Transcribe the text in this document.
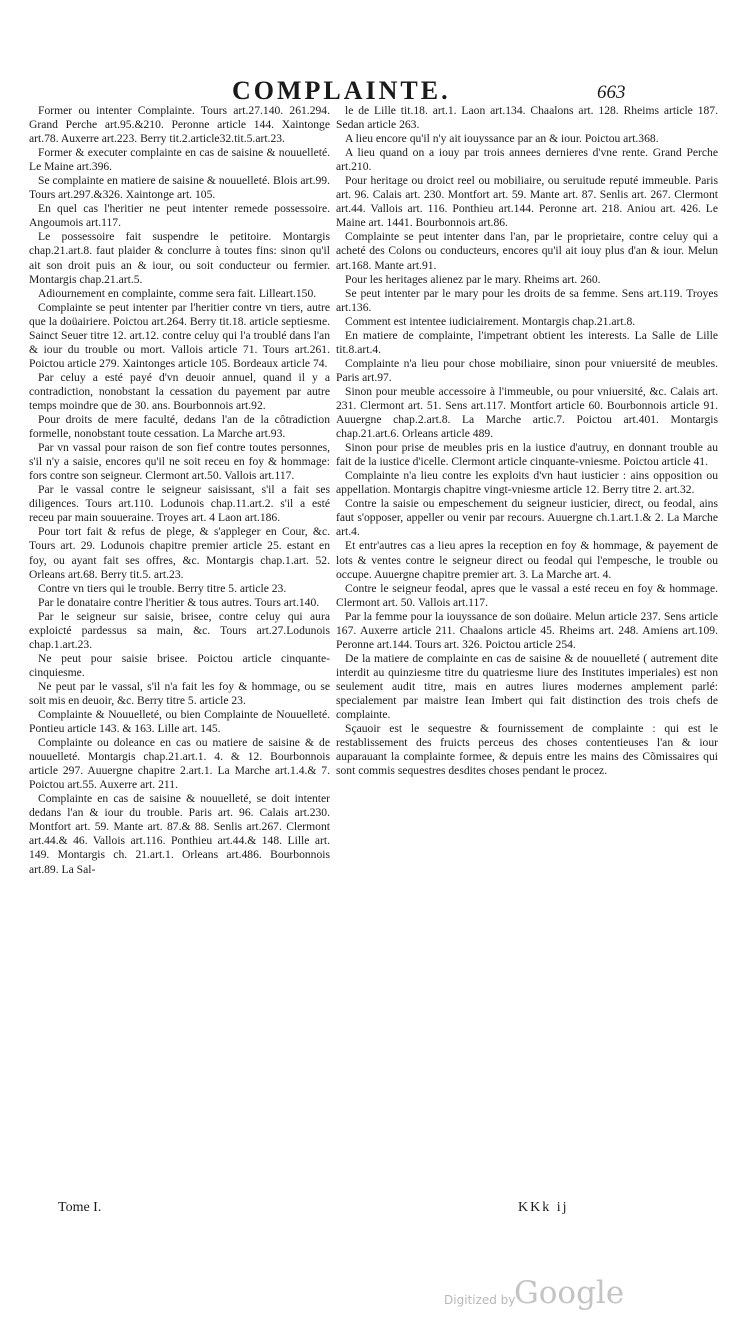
COMPLAINTE.	663

Former ou intenter Complainte. Tours art.27.140. 261.294. Grand Perche art.95.&210. Peronne article 144. Xaintonge art.78. Auxerre art.223. Berry tit.2.article32.tit.5.art.23.

Former & executer complainte en cas de saisine & nouuelleté. Le Maine art.396.

Se complainte en matiere de saisine & nouuelleté. Blois art.99. Tours art.297.&326. Xaintonge art. 105.

En quel cas l'heritier ne peut intenter remede possessoire. Angoumois art.117.

Le possessoire fait suspendre le petitoire. Montargis chap.21.art.8. faut plaider & conclurre à toutes fins: sinon qu'il ait son droit puis an & iour, ou soit conducteur ou fermier. Montargis chap.21.art.5.

Adiournement en complainte, comme sera fait. Lilleart.150.

Complainte se peut intenter par l'heritier contre vn tiers, autre que la doüairiere. Poictou art.264. Berry tit.18. article septiesme. Sainct Seuer titre 12. art.12. contre celuy qui l'a troublé dans l'an & iour du trouble ou mort. Vallois article 71. Tours art.261. Poictou article 279. Xaintonges article 105. Bordeaux article 74.

Par celuy a esté payé d'vn deuoir annuel, quand il y a contradiction, nonobstant la cessation du payement par autre temps moindre que de 30. ans. Bourbonnois art.92.

Pour droits de mere faculté, dedans l'an de la côtradiction formelle, nonobstant toute cessation. La Marche art.93.

Par vn vassal pour raison de son fief contre toutes personnes, s'il n'y a saisie, encores qu'il ne soit receu en foy & hommage: fors contre son seigneur. Clermont art.50. Vallois art.117.

Par le vassal contre le seigneur saisissant, s'il a fait ses diligences. Tours art.110. Lodunois chap.11.art.2. s'il a esté receu par main souueraine. Troyes art. 4 Laon art.186.

Pour tort fait & refus de plege, & s'appleger en Cour, &c. Tours art. 29. Lodunois chapitre premier article 25. estant en foy, ou ayant fait ses offres, &c. Montargis chap.1.art. 52. Orleans art.68. Berry tit.5. art.23.

Contre vn tiers qui le trouble. Berry titre 5. article 23.

Par le donataire contre l'heritier & tous autres. Tours art.140.

Par le seigneur sur saisie, brisee, contre celuy qui aura exploicté pardessus sa main, &c. Tours art.27.Lodunois chap.1.art.23.

Ne peut pour saisie brisee. Poictou article cinquante-cinquiesme.

Ne peut par le vassal, s'il n'a fait les foy & hommage, ou se soit mis en deuoir, &c. Berry titre 5. article 23.

Complainte & Nouuelleté, ou bien Complainte de Nouuelleté. Pontieu article 143. & 163. Lille art. 145.

Complainte ou doleance en cas ou matiere de saisine & de nouuelleté. Montargis chap.21.art.1. 4. & 12. Bourbonnois article 297. Auuergne chapitre 2.art.1. La Marche art.1.4.& 7. Poictou art.55. Auxerre art. 211.

Complainte en cas de saisine & nouuelleté, se doit intenter dedans l'an & iour du trouble. Paris art. 96. Calais art.230. Montfort art. 59. Mante art. 87.& 88. Senlis art.267. Clermont art.44.& 46. Vallois art.116. Ponthieu art.44.& 148. Lille art. 149. Montargis ch. 21.art.1. Orleans art.486. Bourbonnois art.89. La Sal-

le de Lille tit.18. art.1. Laon art.134. Chaalons art. 128. Rheims article 187. Sedan article 263.

A lieu encore qu'il n'y ait iouyssance par an & iour. Poictou art.368.

A lieu quand on a iouy par trois annees dernieres d'vne rente. Grand Perche art.210.

Pour heritage ou droict reel ou mobiliaire, ou seruitude reputé immeuble. Paris art. 96. Calais art. 230. Montfort art. 59. Mante art. 87. Senlis art. 267. Clermont art.44. Vallois art. 116. Ponthieu art.144. Peronne art. 218. Aniou art. 426. Le Maine art. 1441. Bourbonnois art.86.

Complainte se peut intenter dans l'an, par le proprietaire, contre celuy qui a acheté des Colons ou conducteurs, encores qu'il ait iouy plus d'an & iour. Melun art.168. Mante art.91.

Pour les heritages alienez par le mary. Rheims art. 260.

Se peut intenter par le mary pour les droits de sa femme. Sens art.119. Troyes art.136.

Comment est intentee iudiciairement. Montargis chap.21.art.8.

En matiere de complainte, l'impetrant obtient les interests. La Salle de Lille tit.8.art.4.

Complainte n'a lieu pour chose mobiliaire, sinon pour vniuersité de meubles. Paris art.97.

Sinon pour meuble accessoire à l'immeuble, ou pour vniuersité, &c. Calais art. 231. Clermont art. 51. Sens art.117. Montfort article 60. Bourbonnois article 91. Auuergne chap.2.art.8. La Marche artic.7. Poictou art.401. Montargis chap.21.art.6. Orleans article 489.

Sinon pour prise de meubles pris en la iustice d'autruy, en donnant trouble au fait de la iustice d'icelle. Clermont article cinquante-vniesme. Poictou article 41.

Complainte n'a lieu contre les exploits d'vn haut iusticier : ains opposition ou appellation. Montargis chapitre vingt-vniesme article 12. Berry titre 2. art.32.

Contre la saisie ou empeschement du seigneur iusticier, direct, ou feodal, ains faut s'opposer, appeller ou venir par recours. Auuergne ch.1.art.1.& 2. La Marche art.4.

Et entr'autres cas a lieu apres la reception en foy & hommage, & payement de lots & ventes contre le seigneur direct ou feodal qui l'empesche, le trouble ou occupe. Auuergne chapitre premier art. 3. La Marche art. 4.

Contre le seigneur feodal, apres que le vassal a esté receu en foy & hommage. Clermont art. 50. Vallois art.117.

Par la femme pour la iouyssance de son doüaire. Melun article 237. Sens article 167. Auxerre article 211. Chaalons article 45. Rheims art. 248. Amiens art.109. Peronne art.144. Tours art. 326. Poictou article 254.

De la matiere de complainte en cas de saisine & de nouuelleté ( autrement dite interdit au quinziesme titre du quatriesme liure des Institutes imperiales) est non seulement audit titre, mais en autres liures modernes amplement parlé: specialement par maistre Iean Imbert qui fait distinction des trois chefs de complainte.

Sçauoir est le sequestre & fournissement de complainte : qui est le restablissement des fruicts perceus des choses contentieuses l'an & iour auparauant la complainte formee, & depuis entre les mains des Cõmissaires qui sont commis sequestres desdites choses pendant le procez.

Tome I.	KKk ij
Digitized by
Google
